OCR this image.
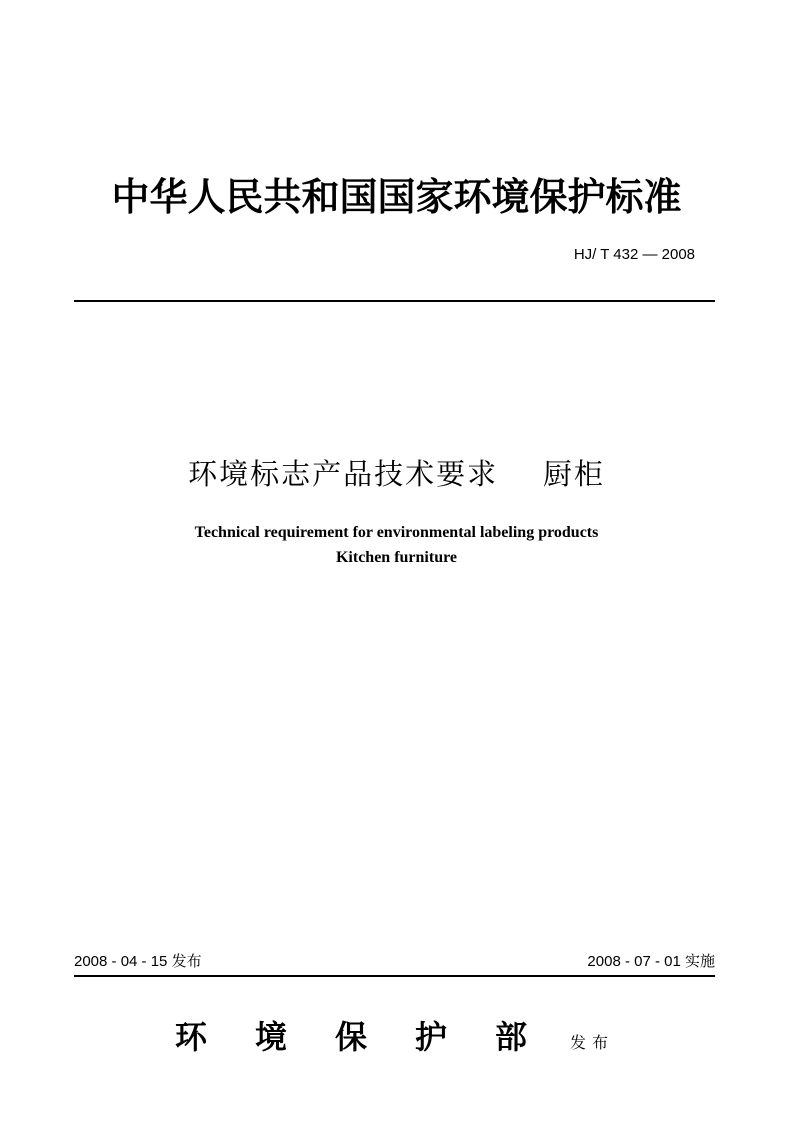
中华人民共和国国家环境保护标准
HJ/ T 432 — 2008
环境标志产品技术要求    厨柜
Technical requirement for environmental labeling products
Kitchen furniture
2008 - 04 - 15 发布	2008 - 07 - 01 实施
环 境 保 护 部	发布
